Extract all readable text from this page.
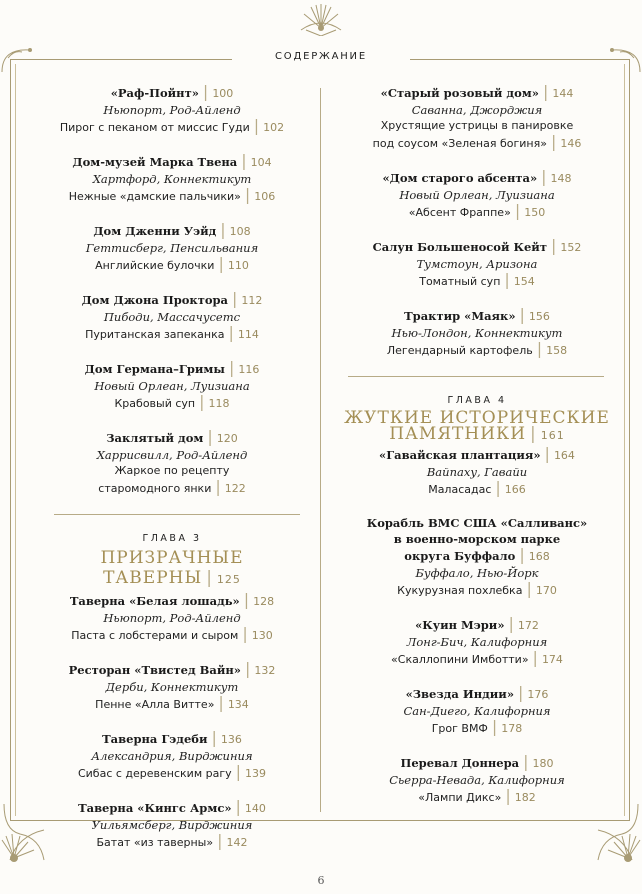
СОДЕРЖАНИЕ
«Раф-Пойнт» | 100
Ньюпорт, Род-Айленд
Пирог с пеканом от миссис Гуди | 102
Дом-музей Марка Твена | 104
Хартфорд, Коннектикут
Нежные «дамские пальчики» | 106
Дом Дженни Уэйд | 108
Геттисберг, Пенсильвания
Английские булочки | 110
Дом Джона Проктора | 112
Пибоди, Массачусетс
Пуританская запеканка | 114
Дом Германа–Гримы | 116
Новый Орлеан, Луизиана
Крабовый суп | 118
Заклятый дом | 120
Харрисвилл, Род-Айленд
Жаркое по рецепту
старомодного янки | 122
ГЛАВА 3
ПРИЗРАЧНЫЕ ТАВЕРНЫ | 125
Таверна «Белая лошадь» | 128
Ньюпорт, Род-Айленд
Паста с лобстерами и сыром | 130
Ресторан «Твистед Вайн» | 132
Дерби, Коннектикут
Пенне «Алла Витте» | 134
Таверна Гэдеби | 136
Александрия, Вирджиния
Сибас с деревенским рагу | 139
Таверна «Кингс Армс» | 140
Уильямсберг, Вирджиния
Батат «из таверны» | 142
«Старый розовый дом» | 144
Саванна, Джорджия
Хрустящие устрицы в панировке
под соусом «Зеленая богиня» | 146
«Дом старого абсента» | 148
Новый Орлеан, Луизиана
«Абсент Фраппе» | 150
Салун Большеносой Кейт | 152
Тумстоун, Аризона
Томатный суп | 154
Трактир «Маяк» | 156
Нью-Лондон, Коннектикут
Легендарный картофель | 158
ГЛАВА 4
ЖУТКИЕ ИСТОРИЧЕСКИЕ
ПАМЯТНИКИ | 161
«Гавайская плантация» | 164
Вайпаху, Гавайи
Маласадас | 166
Корабль ВМС США «Салливанс»
в военно-морском парке
округа Буффало | 168
Буффало, Нью-Йорк
Кукурузная похлебка | 170
«Куин Мэри» | 172
Лонг-Бич, Калифорния
«Скаллопини Имботти» | 174
«Звезда Индии» | 176
Сан-Диего, Калифорния
Грог ВМФ | 178
Перевал Доннера | 180
Сьерра-Невада, Калифорния
«Лампи Дикс» | 182
6
